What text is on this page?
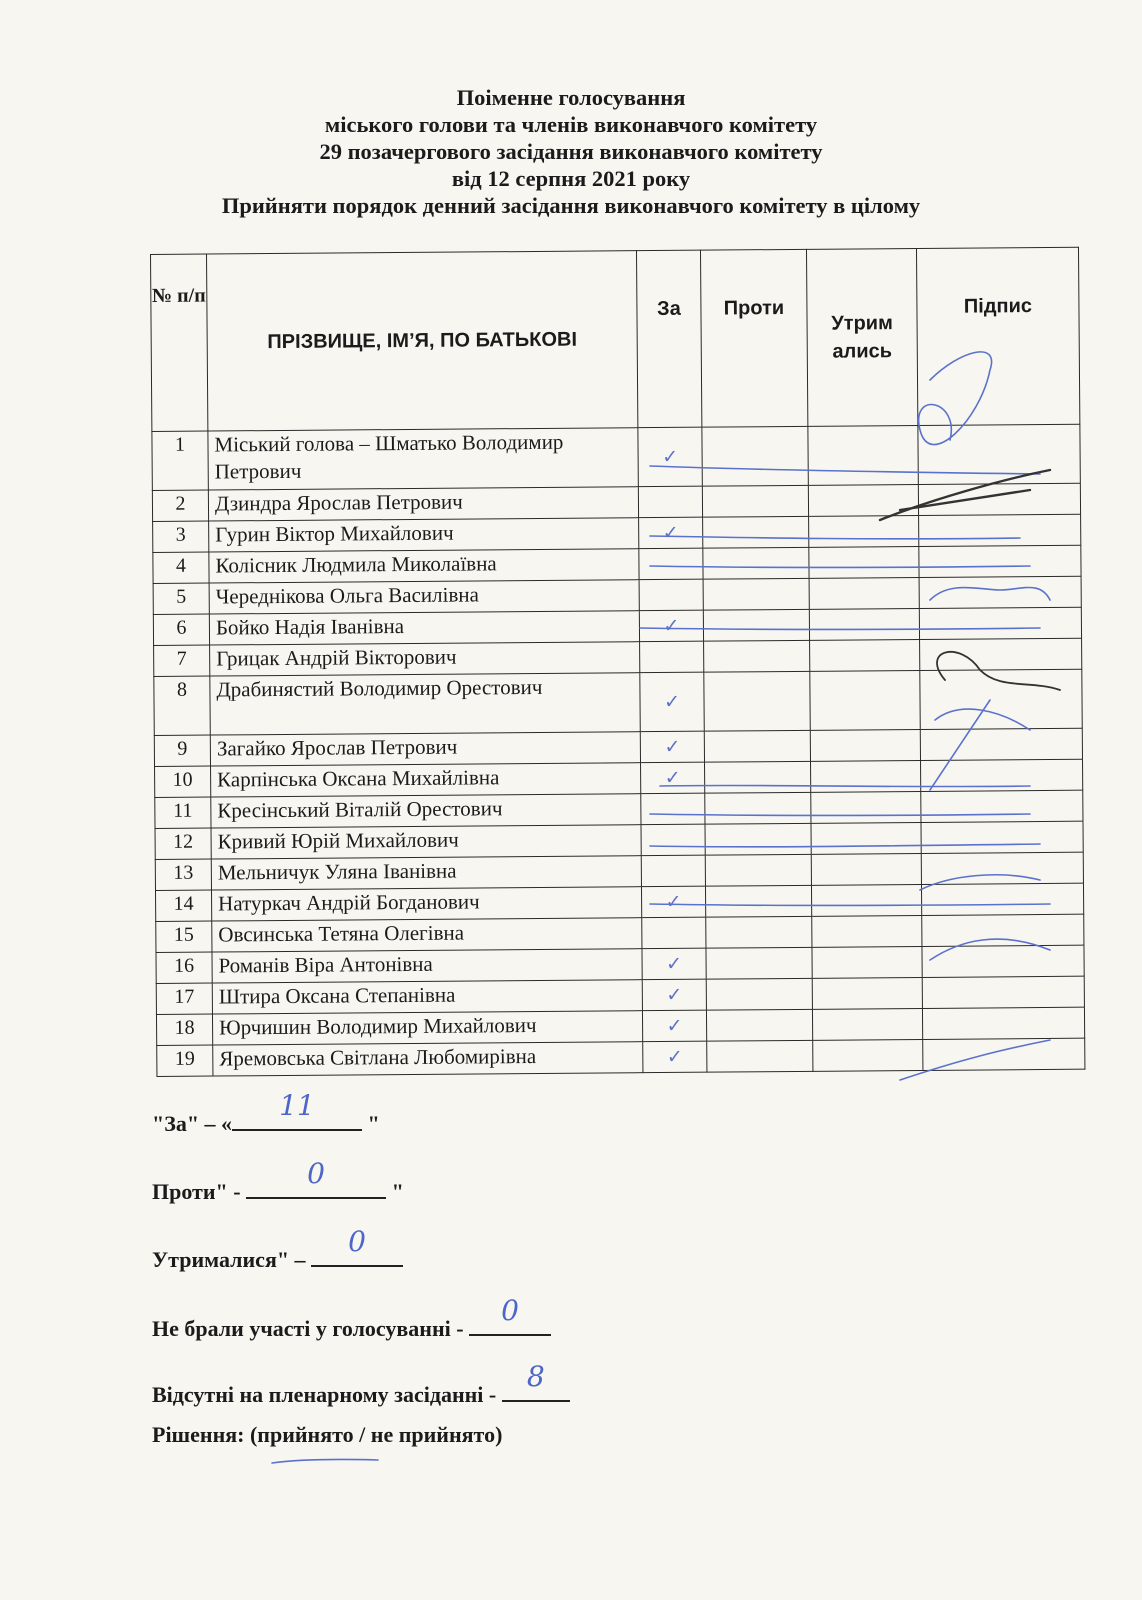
Поіменне голосування
міського голови та членів виконавчого комітету
29 позачергового засідання виконавчого комітету
від 12 серпня 2021 року
Прийняти порядок денний засідання виконавчого комітету в цілому
№ п/п	ПРІЗВИЩЕ, ІМ’Я, ПО БАТЬКОВІ	За	Проти	Утрим ались	Підпис
1	Міський голова – Шматько Володимир Петрович	✓			
2	Дзиндра Ярослав Петрович				
3	Гурин Віктор Михайлович	✓			
4	Колісник Людмила Миколаївна				
5	Череднікова Ольга Василівна				
6	Бойко Надія Іванівна	✓			
7	Грицак Андрій Вікторович				
8	Драбинястий Володимир Орестович	✓			
9	Загайко Ярослав Петрович	✓			
10	Карпінська Оксана Михайлівна	✓			
11	Кресінський Віталій Орестович				
12	Кривий Юрій Михайлович				
13	Мельничук Уляна Іванівна				
14	Натуркач Андрій Богданович	✓			
15	Овсинська Тетяна Олегівна				
16	Романів Віра Антонівна	✓			
17	Штира Оксана Степанівна	✓			
18	Юрчишин Володимир Михайлович	✓			
19	Яремовська Світлана Любомирівна	✓			
"За" – «
11
"
Проти" -
0
"
Утрималися" –
0
Не брали участі у голосуванні -
0
Відсутні на пленарному засіданні -
8
Рішення: (прийнято / не прийнято)
